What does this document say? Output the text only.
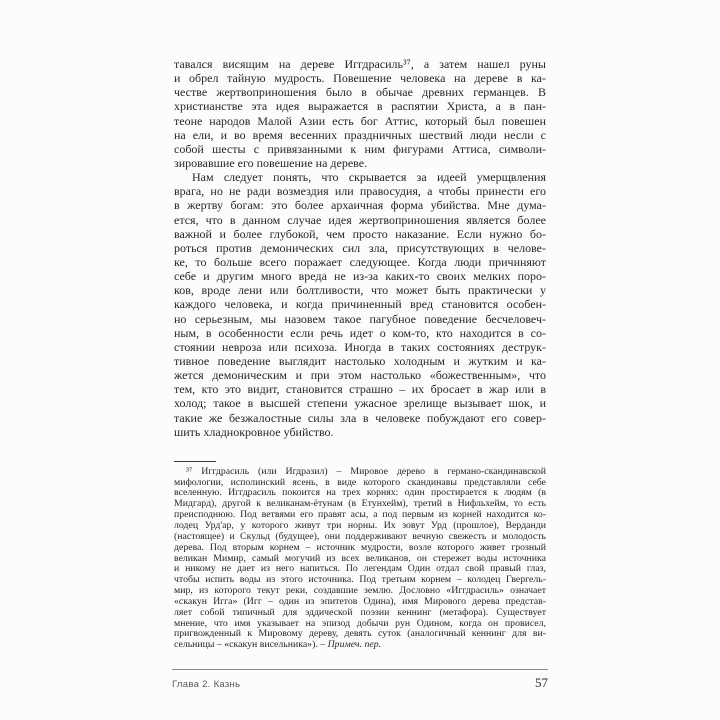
тавался висящим на дереве Иггдрасиль³⁷, а затем нашел руны
и обрел тайную мудрость. Повешение человека на дереве в ка-
честве жертвоприношения было в обычае древних германцев. В
христианстве эта идея выражается в распятии Христа, а в пан-
теоне народов Малой Азии есть бог Аттис, который был повешен
на ели, и во время весенних праздничных шествий люди несли с
собой шесты с привязанными к ним фигурами Аттиса, символи-
зировавшие его повешение на дереве.
Нам следует понять, что скрывается за идеей умерщвления
врага, но не ради возмездия или правосудия, а чтобы принести его
в жертву богам: это более архаичная форма убийства. Мне дума-
ется, что в данном случае идея жертвоприношения является более
важной и более глубокой, чем просто наказание. Если нужно бо-
роться против демонических сил зла, присутствующих в челове-
ке, то больше всего поражает следующее. Когда люди причиняют
себе и другим много вреда не из-за каких-то своих мелких поро-
ков, вроде лени или болтливости, что может быть практически у
каждого человека, и когда причиненный вред становится особен-
но серьезным, мы назовем такое пагубное поведение бесчеловеч-
ным, в особенности если речь идет о ком-то, кто находится в со-
стоянии невроза или психоза. Иногда в таких состояниях деструк-
тивное поведение выглядит настолько холодным и жутким и ка-
жется демоническим и при этом настолько «божественным», что
тем, кто это видит, становится страшно – их бросает в жар или в
холод; такое в высшей степени ужасное зрелище вызывает шок, и
такие же безжалостные силы зла в человеке побуждают его совер-
шить хладнокровное убийство.
³⁷ Иггдрасиль (или Игдразил) – Мировое дерево в германо-скандинавской
мифологии, исполинский ясень, в виде которого скандинавы представляли себе
вселенную. Иггдрасиль покоится на трех корнях: один простирается к людям (в
Мидгард), другой к великанам-ётунам (в Ётунхейм), третий в Нифльхейм, то есть
преисподнюю. Под ветвями его правят асы, а под первым из корней находится ко-
лодец Урд'ар, у которого живут три норны. Их зовут Урд (прошлое), Верданди
(настоящее) и Скульд (будущее), они поддерживают вечную свежесть и молодость
дерева. Под вторым корнем – источник мудрости, возле которого живет грозный
великан Мимир, самый могучий из всех великанов, он стережет воды источника
и никому не дает из него напиться. По легендам Один отдал свой правый глаз,
чтобы испить воды из этого источника. Под третьим корнем – колодец Гвергель-
мир, из которого текут реки, создавшие землю. Дословно «Иггдрасиль» означает
«скакун Игга» (Игг – один из эпитетов Одина), имя Мирового дерева представ-
ляет собой типичный для эддической поэзии кеннинг (метафора). Существует
мнение, что имя указывает на эпизод добычи рун Одином, когда он провисел,
пригвожденный к Мировому дереву, девять суток (аналогичный кеннинг для ви-
сельницы – «скакун висельника»). – Примеч. пер.
Глава 2. Казнь	57
